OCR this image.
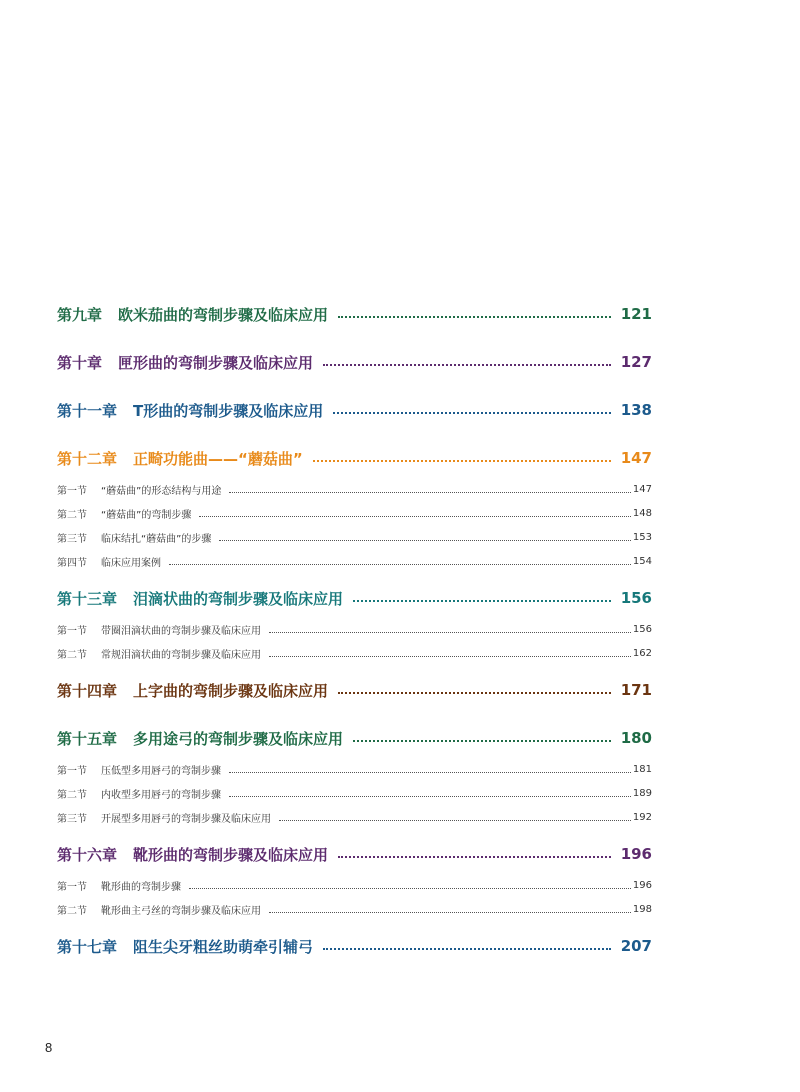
第九章 欧米茄曲的弯制步骤及临床应用	121
第十章 匣形曲的弯制步骤及临床应用	127
第十一章 T形曲的弯制步骤及临床应用	138
第十二章 正畸功能曲——“蘑菇曲”	147
第一节	“蘑菇曲”的形态结构与用途	147
第二节	“蘑菇曲”的弯制步骤	148
第三节	临床结扎“蘑菇曲”的步骤	153
第四节	临床应用案例	154
第十三章 泪滴状曲的弯制步骤及临床应用	156
第一节	带圈泪滴状曲的弯制步骤及临床应用	156
第二节	常规泪滴状曲的弯制步骤及临床应用	162
第十四章 上字曲的弯制步骤及临床应用	171
第十五章 多用途弓的弯制步骤及临床应用	180
第一节	压低型多用唇弓的弯制步骤	181
第二节	内收型多用唇弓的弯制步骤	189
第三节	开展型多用唇弓的弯制步骤及临床应用	192
第十六章 靴形曲的弯制步骤及临床应用	196
第一节	靴形曲的弯制步骤	196
第二节	靴形曲主弓丝的弯制步骤及临床应用	198
第十七章 阻生尖牙粗丝助萌牵引辅弓	207
8
